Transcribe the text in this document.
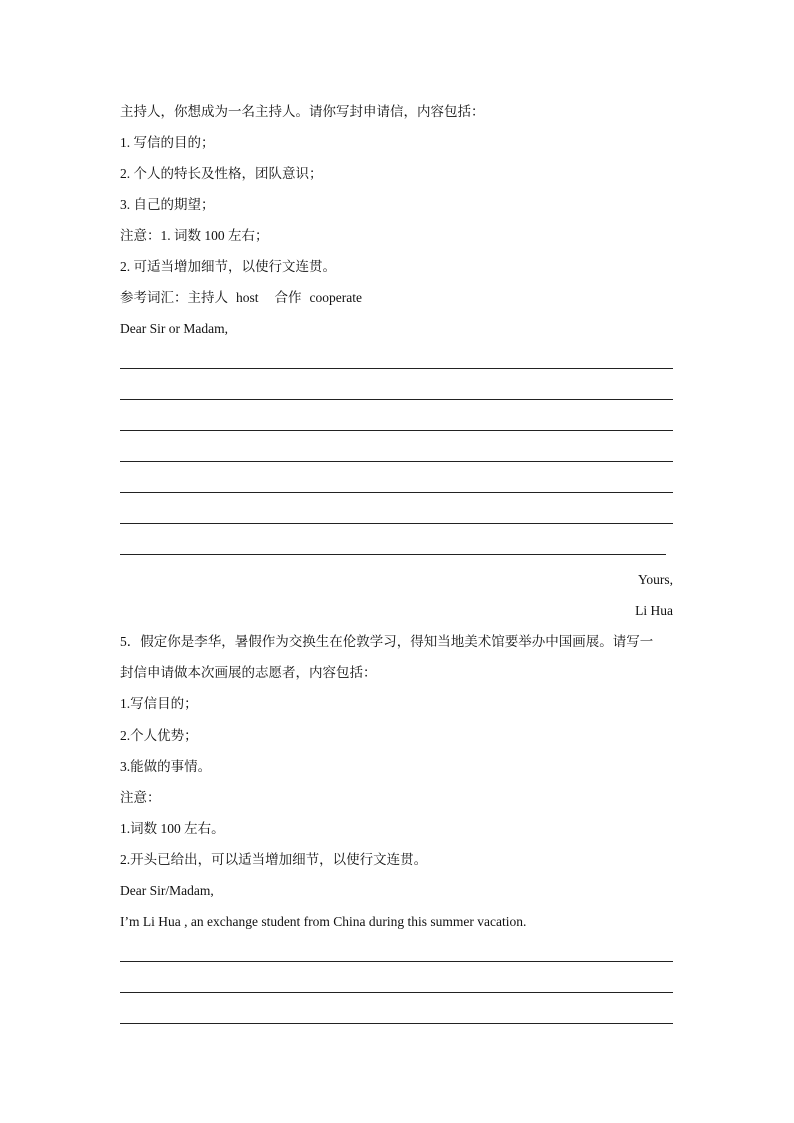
主持人，你想成为一名主持人。请你写封申请信，内容包括：
1. 写信的目的；
2. 个人的特长及性格，团队意识；
3. 自己的期望；
注意：1. 词数 100 左右；
2. 可适当增加细节，以使行文连贯。
参考词汇：主持人 host 合作 cooperate
Dear Sir or Madam,
Yours,
Li Hua
5．假定你是李华，暑假作为交换生在伦敦学习，得知当地美术馆要举办中国画展。请写一
封信申请做本次画展的志愿者，内容包括：
1.写信目的；
2.个人优势；
3.能做的事情。
注意：
1.词数 100 左右。
2.开头已给出，可以适当增加细节，以使行文连贯。
Dear Sir/Madam,
I’m Li Hua , an exchange student from China during this summer vacation.
